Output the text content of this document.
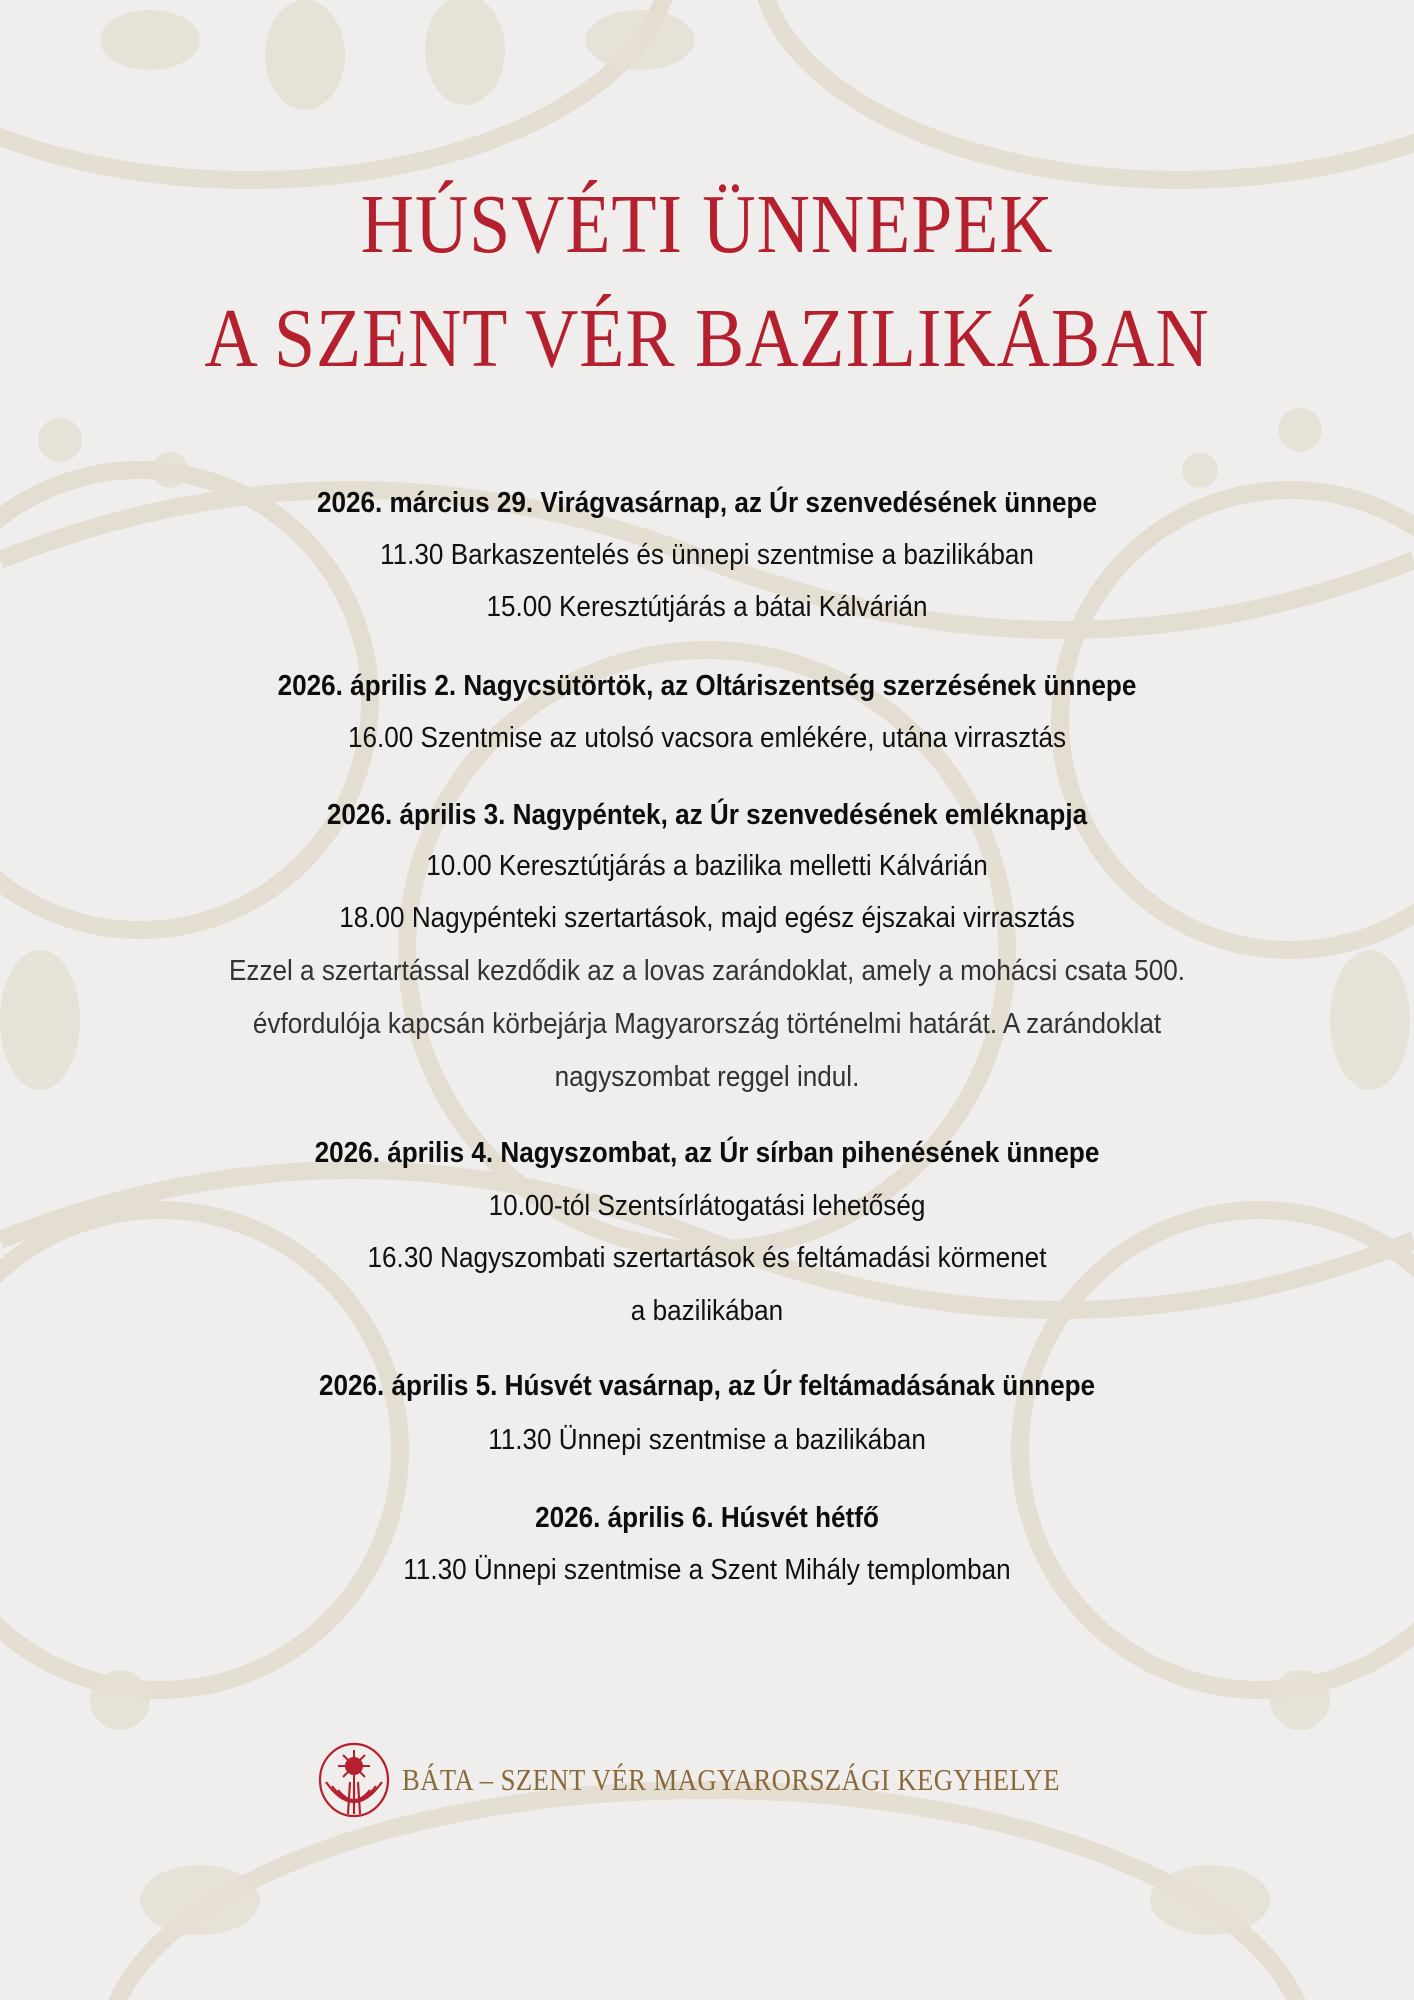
HÚSVÉTI ÜNNEPEK
A SZENT VÉR BAZILIKÁBAN
2026. március 29. Virágvasárnap, az Úr szenvedésének ünnepe
11.30 Barkaszentelés és ünnepi szentmise a bazilikában
15.00 Keresztútjárás a bátai Kálvárián
2026. április 2. Nagycsütörtök, az Oltáriszentség szerzésének ünnepe
16.00 Szentmise az utolsó vacsora emlékére, utána virrasztás
2026. április 3. Nagypéntek, az Úr szenvedésének emléknapja
10.00 Keresztútjárás a bazilika melletti Kálvárián
18.00 Nagypénteki szertartások, majd egész éjszakai virrasztás
Ezzel a szertartással kezdődik az a lovas zarándoklat, amely a mohácsi csata 500.
évfordulója kapcsán körbejárja Magyarország történelmi határát. A zarándoklat
nagyszombat reggel indul.
2026. április 4. Nagyszombat, az Úr sírban pihenésének ünnepe
10.00-tól Szentsírlátogatási lehetőség
16.30 Nagyszombati szertartások és feltámadási körmenet
a bazilikában
2026. április 5. Húsvét vasárnap, az Úr feltámadásának ünnepe
11.30 Ünnepi szentmise a bazilikában
2026. április 6. Húsvét hétfő
11.30 Ünnepi szentmise a Szent Mihály templomban
BÁTA – SZENT VÉR MAGYARORSZÁGI KEGYHELYE
